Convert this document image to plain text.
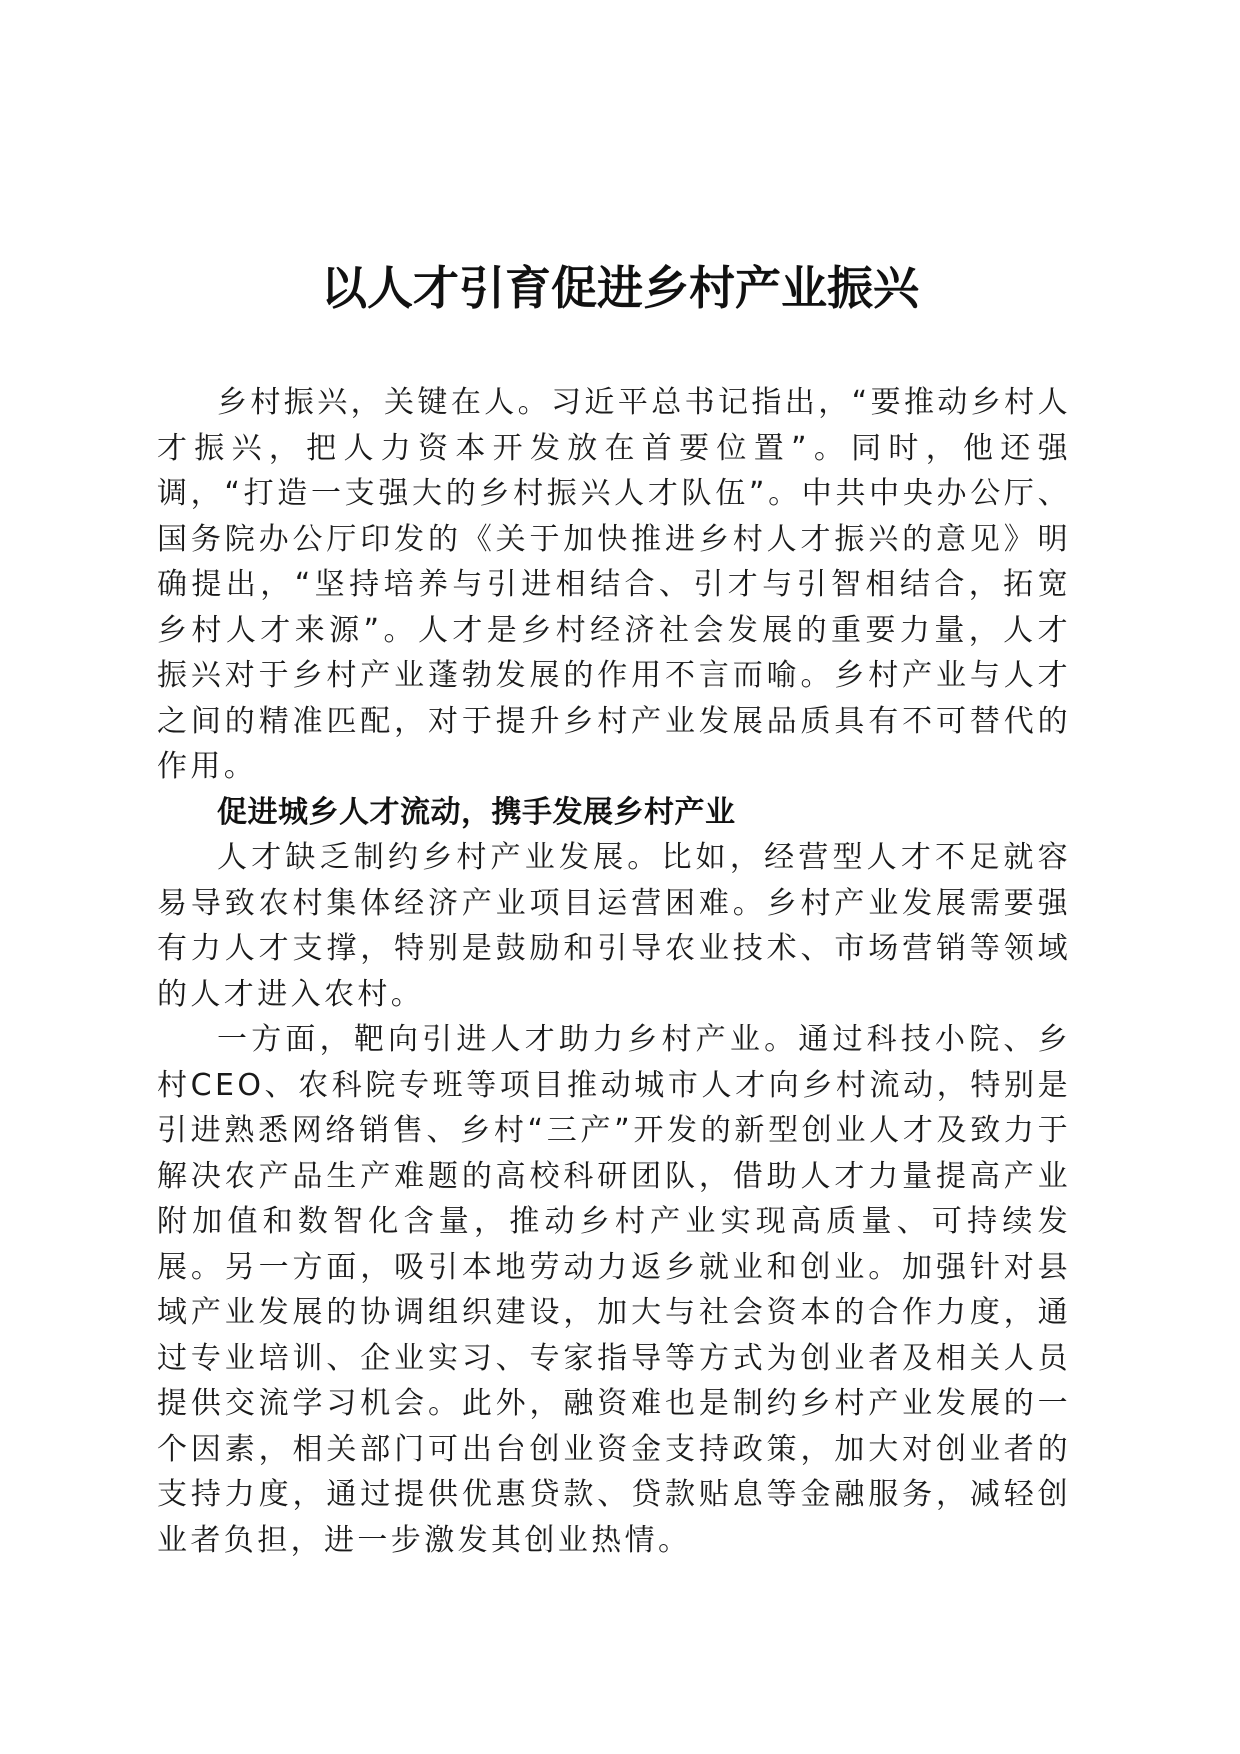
以人才引育促进乡村产业振兴

乡村振兴，关键在人。习近平总书记指出，“要推动乡村人才振兴，把人力资本开发放在首要位置”。同时，他还强调，“打造一支强大的乡村振兴人才队伍”。中共中央办公厅、国务院办公厅印发的《关于加快推进乡村人才振兴的意见》明确提出，“坚持培养与引进相结合、引才与引智相结合，拓宽乡村人才来源”。人才是乡村经济社会发展的重要力量，人才振兴对于乡村产业蓬勃发展的作用不言而喻。乡村产业与人才之间的精准匹配，对于提升乡村产业发展品质具有不可替代的作用。

促进城乡人才流动，携手发展乡村产业

人才缺乏制约乡村产业发展。比如，经营型人才不足就容易导致农村集体经济产业项目运营困难。乡村产业发展需要强有力人才支撑，特别是鼓励和引导农业技术、市场营销等领域的人才进入农村。

一方面，靶向引进人才助力乡村产业。通过科技小院、乡村CEO、农科院专班等项目推动城市人才向乡村流动，特别是引进熟悉网络销售、乡村“三产”开发的新型创业人才及致力于解决农产品生产难题的高校科研团队，借助人才力量提高产业附加值和数智化含量，推动乡村产业实现高质量、可持续发展。另一方面，吸引本地劳动力返乡就业和创业。加强针对县域产业发展的协调组织建设，加大与社会资本的合作力度，通过专业培训、企业实习、专家指导等方式为创业者及相关人员提供交流学习机会。此外，融资难也是制约乡村产业发展的一个因素，相关部门可出台创业资金支持政策，加大对创业者的支持力度，通过提供优惠贷款、贷款贴息等金融服务，减轻创业者负担，进一步激发其创业热情。
